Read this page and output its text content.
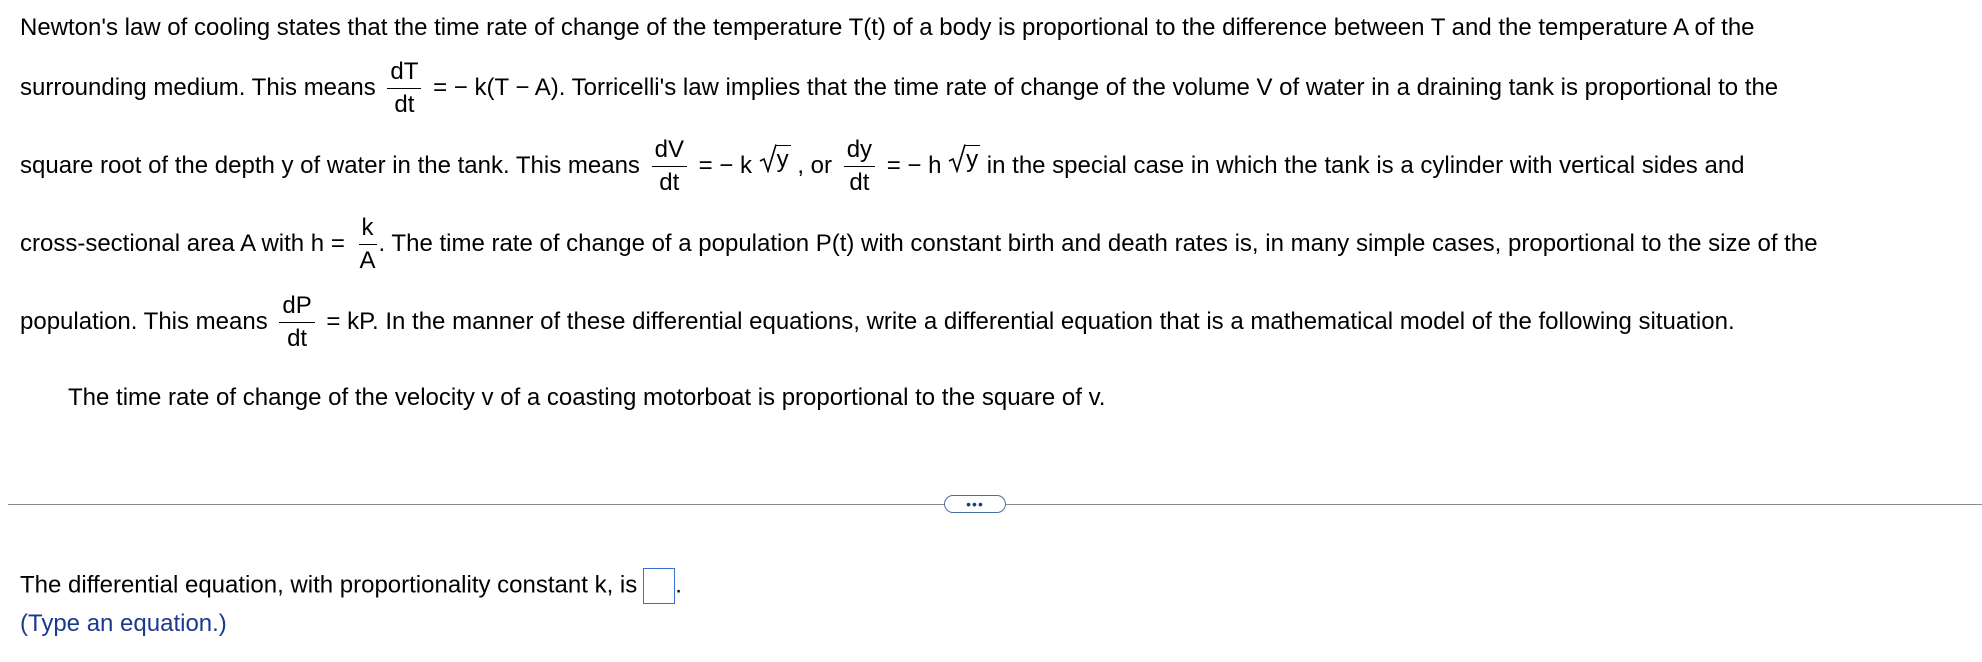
Newton's law of cooling states that the time rate of change of the temperature T(t) of a body is proportional to the difference between T and the temperature A of the
surrounding medium. This means $\frac{dT}{dt}$ = − k(T − A). Torricelli's law implies that the time rate of change of the volume V of water in a draining tank is proportional to the
square root of the depth y of water in the tank. This means $\frac{dV}{dt}$ = − k y , or $\frac{dy}{dt}$ = − h y in the special case in which the tank is a cylinder with vertical sides and
cross-sectional area A with $h = \frac{k}{A}$ . The time rate of change of a population P(t) with constant birth and death rates is, in many simple cases, proportional to the size of the
population. This means $\frac{dP}{dt}$ = kP. In the manner of these differential equations, write a differential equation that is a mathematical model of the following situation.
The time rate of change of the velocity v of a coasting motorboat is proportional to the square of v.
•••
The differential equation, with proportionality constant k, is .
(Type an equation.)
